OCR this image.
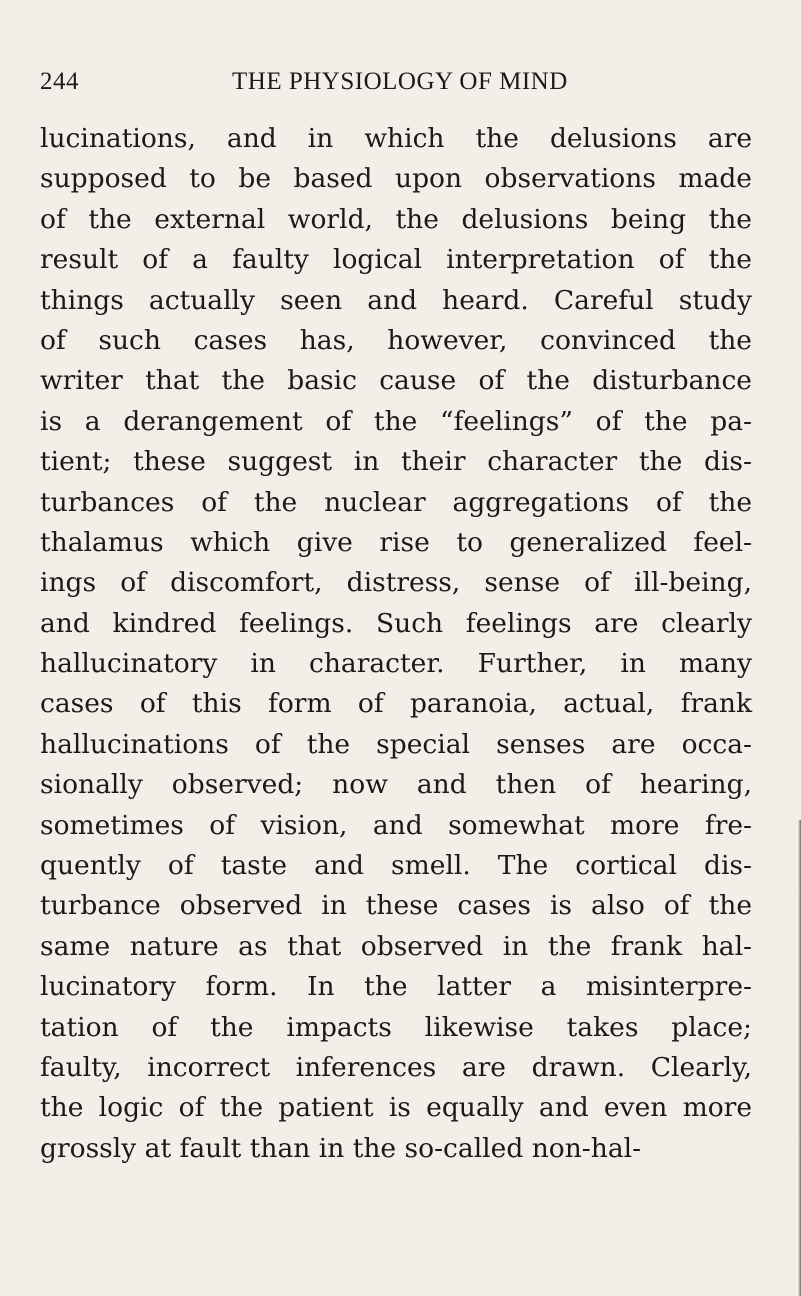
244	THE PHYSIOLOGY OF MIND
lucinations, and in which the delusions are
supposed to be based upon observations made
of the external world, the delusions being the
result of a faulty logical interpretation of the
things actually seen and heard. Careful study
of such cases has, however, convinced the
writer that the basic cause of the disturbance
is a derangement of the “feelings” of the pa-
tient; these suggest in their character the dis-
turbances of the nuclear aggregations of the
thalamus which give rise to generalized feel-
ings of discomfort, distress, sense of ill-being,
and kindred feelings. Such feelings are clearly
hallucinatory in character. Further, in many
cases of this form of paranoia, actual, frank
hallucinations of the special senses are occa-
sionally observed; now and then of hearing,
sometimes of vision, and somewhat more fre-
quently of taste and smell. The cortical dis-
turbance observed in these cases is also of the
same nature as that observed in the frank hal-
lucinatory form. In the latter a misinterpre-
tation of the impacts likewise takes place;
faulty, incorrect inferences are drawn. Clearly,
the logic of the patient is equally and even more
grossly at fault than in the so-called non-hal-
